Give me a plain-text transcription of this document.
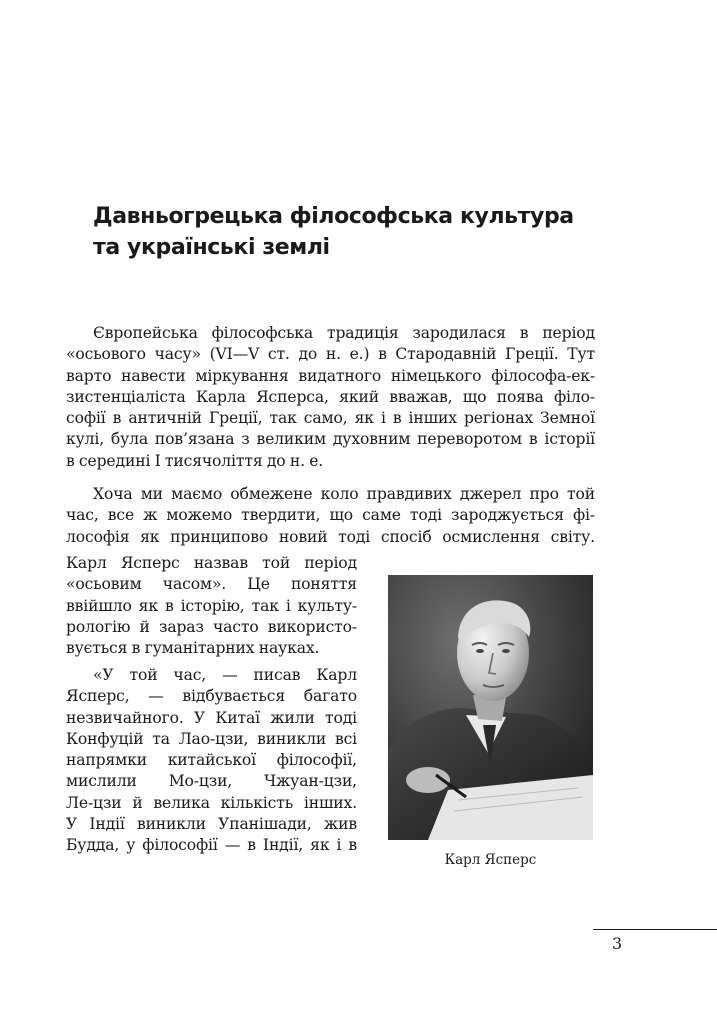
Давньогрецька філософська культура
та українські землі
Європейська філософська традиція зародилася в період
«осьового часу» (VI—V ст. до н. е.) в Стародавній Греції. Тут
варто навести міркування видатного німецького філософа-ек-
зистенціаліста Карла Ясперса, який вважав, що поява філо-
софії в античній Греції, так само, як і в інших регіонах Земної
кулі, була пов’язана з великим духовним переворотом в історії
в середині І тисячоліття до н. е.
Хоча ми маємо обмежене коло правдивих джерел про той
час, все ж можемо твердити, що саме тоді зароджується фі-
лософія як принципово новий тоді спосіб осмислення світу.
Карл Ясперс назвав той період
«осьовим часом». Це поняття
ввійшло як в історію, так і культу-
рологію й зараз часто використо-
вується в гуманітарних науках.
«У той час, — писав Карл
Ясперс, — відбувається багато
незвичайного. У Китаї жили тоді
Конфуцій та Лао-цзи, виникли всі
напрямки китайської філософії,
мислили Мо-цзи, Чжуан-цзи,
Ле-цзи й велика кількість інших.
У Індії виникли Упанішади, жив
Будда, у філософії — в Індії, як і в
Карл Ясперс
3
